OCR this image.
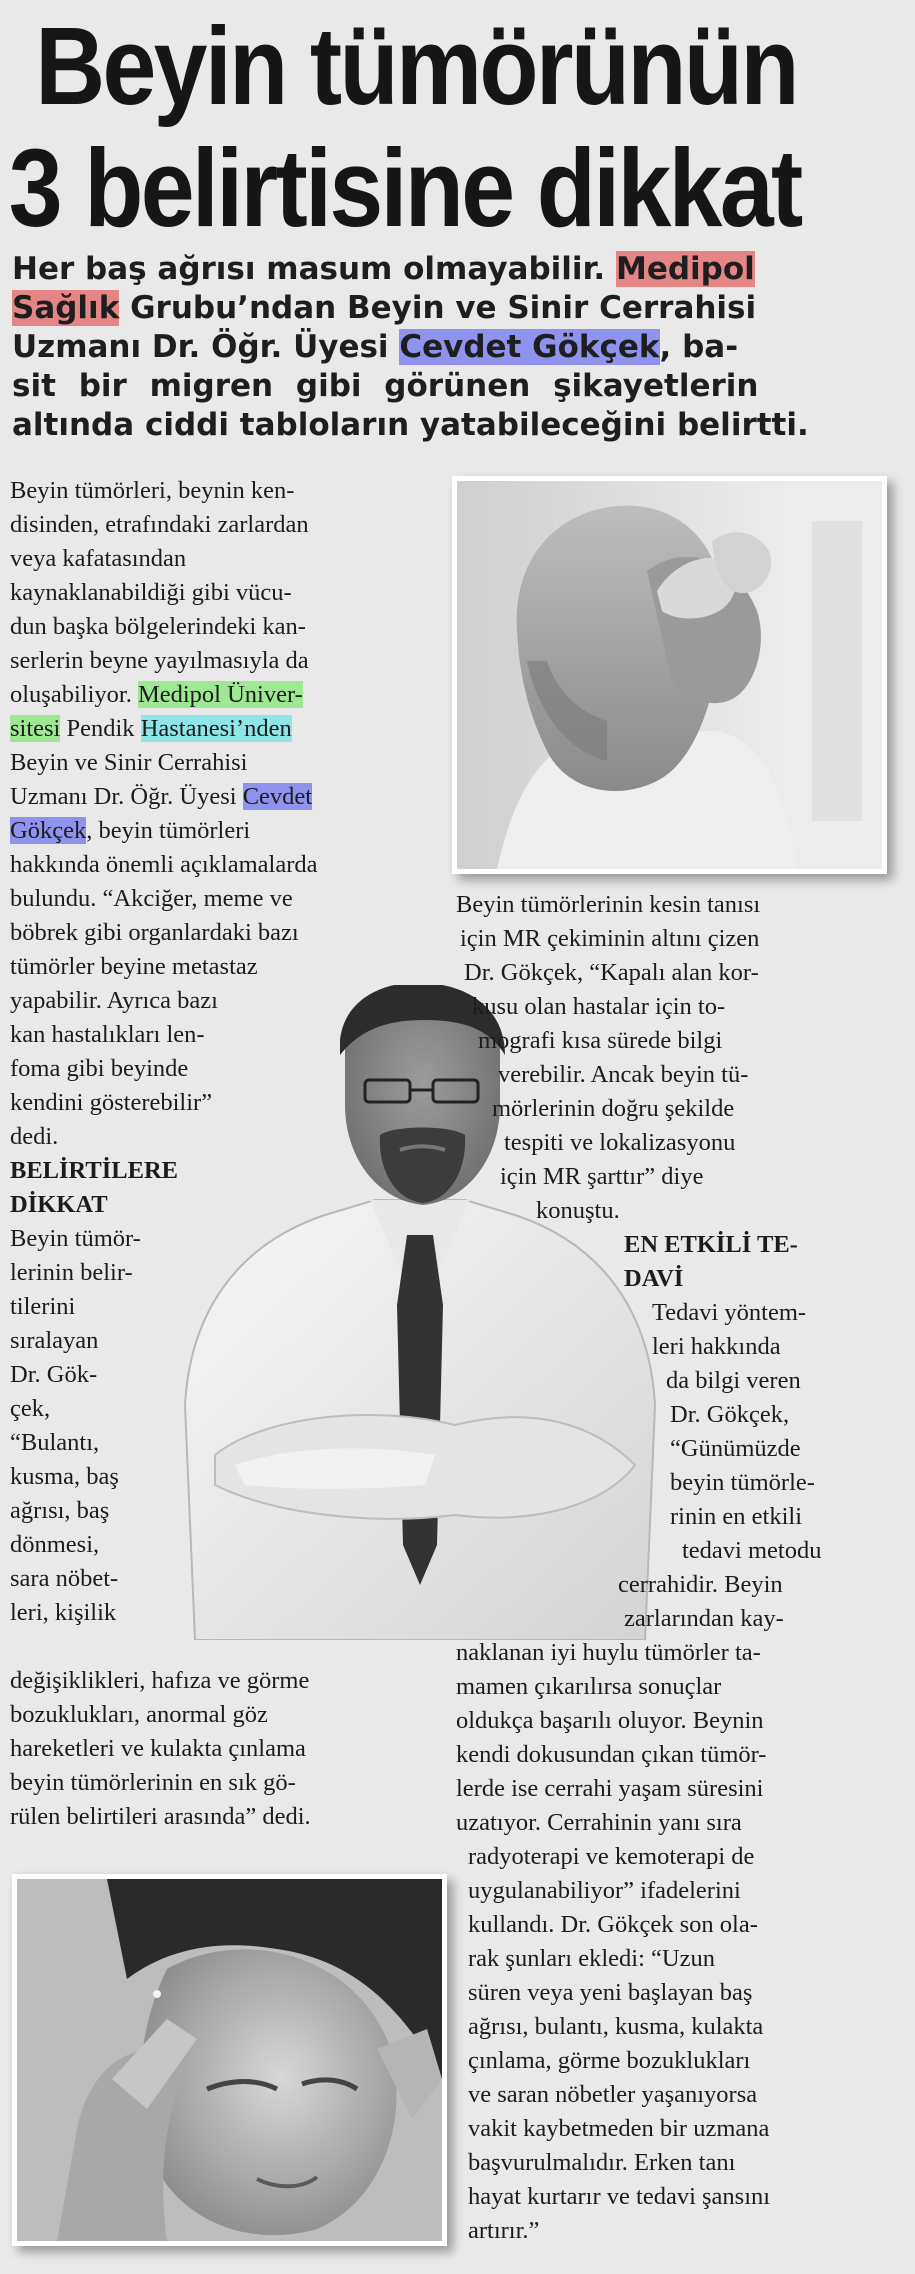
Beyin tümörünün
3 belirtisine dikkat
Her baş ağrısı masum olmayabilir. Medipol
Sağlık Grubu’ndan Beyin ve Sinir Cerrahisi
Uzmanı Dr. Öğr. Üyesi Cevdet Gökçek, ba-
sit bir migren gibi görünen şikayetlerin
altında ciddi tabloların yatabileceğini belirtti.
Beyin tümörleri, beynin ken-
disinden, etrafındaki zarlardan
veya kafatasından
kaynaklanabildiği gibi vücu-
dun başka bölgelerindeki kan-
serlerin beyne yayılmasıyla da
oluşabiliyor. Medipol Üniver-
sitesi Pendik Hastanesi’nden
Beyin ve Sinir Cerrahisi
Uzmanı Dr. Öğr. Üyesi Cevdet
Gökçek, beyin tümörleri
hakkında önemli açıklamalarda
bulundu. “Akciğer, meme ve
böbrek gibi organlardaki bazı
tümörler beyine metastaz
yapabilir. Ayrıca bazı
kan hastalıkları len-
foma gibi beyinde
kendini gösterebilir”
dedi.
BELİRTİLERE
DİKKAT
Beyin tümör-
lerinin belir-
tilerini
sıralayan
Dr. Gök-
çek,
“Bulantı,
kusma, baş
ağrısı, baş
dönmesi,
sara nöbet-
leri, kişilik
değişiklikleri, hafıza ve görme
bozuklukları, anormal göz
hareketleri ve kulakta çınlama
beyin tümörlerinin en sık gö-
rülen belirtileri arasında” dedi.
Beyin tümörlerinin kesin tanısı
için MR çekiminin altını çizen
Dr. Gökçek, “Kapalı alan kor-
kusu olan hastalar için to-
mografi kısa sürede bilgi
verebilir. Ancak beyin tü-
mörlerinin doğru şekilde
tespiti ve lokalizasyonu
için MR şarttır” diye
konuştu.
EN ETKİLİ TE-
DAVİ
Tedavi yöntem-
leri hakkında
da bilgi veren
Dr. Gökçek,
“Günümüzde
beyin tümörle-
rinin en etkili
tedavi metodu
cerrahidir. Beyin
zarlarından kay-
naklanan iyi huylu tümörler ta-
mamen çıkarılırsa sonuçlar
oldukça başarılı oluyor. Beynin
kendi dokusundan çıkan tümör-
lerde ise cerrahi yaşam süresini
uzatıyor. Cerrahinin yanı sıra
radyoterapi ve kemoterapi de
uygulanabiliyor” ifadelerini
kullandı. Dr. Gökçek son ola-
rak şunları ekledi: “Uzun
süren veya yeni başlayan baş
ağrısı, bulantı, kusma, kulakta
çınlama, görme bozuklukları
ve saran nöbetler yaşanıyorsa
vakit kaybetmeden bir uzmana
başvurulmalıdır. Erken tanı
hayat kurtarır ve tedavi şansını
artırır.”
